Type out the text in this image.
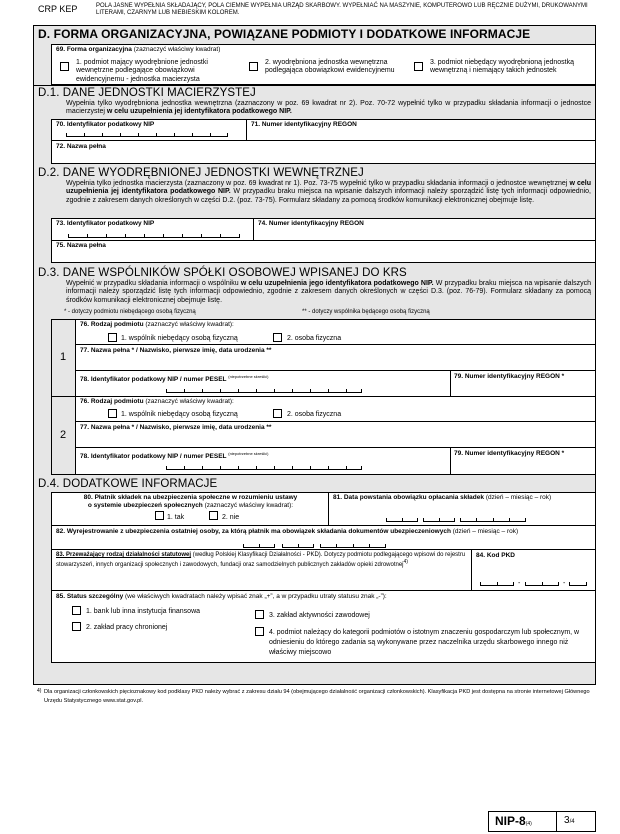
CRP KEP	POLA JASNE WYPEŁNIA SKŁADAJĄCY, POLA CIEMNE WYPEŁNIA URZĄD SKARBOWY. WYPEŁNIAĆ NA MASZYNIE, KOMPUTEROWO LUB RĘCZNIE DUŻYMI, DRUKOWANYMI LITERAMI, CZARNYM LUB NIEBIESKIM KOLOREM.
D. FORMA ORGANIZACYJNA, POWIĄZANE PODMIOTY I DODATKOWE INFORMACJE
69. Forma organizacyjna (zaznaczyć właściwy kwadrat)
1. podmiot mający wyodrębnione jednostki wewnętrzne podlegające obowiązkowi ewidencyjnemu - jednostka macierzysta
2. wyodrębniona jednostka wewnętrzna podlegająca obowiązkowi ewidencyjnemu
3. podmiot niebędący wyodrębnioną jednostką wewnętrzną i niemający takich jednostek
D.1. DANE JEDNOSTKI MACIERZYSTEJ
Wypełnia tylko wyodrębniona jednostka wewnętrzna (zaznaczony w poz. 69 kwadrat nr 2). Poz. 70-72 wypełnić tylko w przypadku składania informacji o jednostce macierzystej w celu uzupełnienia jej identyfikatora podatkowego NIP.
70. Identyfikator podatkowy NIP	71. Numer identyfikacyjny REGON
72. Nazwa pełna
D.2. DANE WYODRĘBNIONEJ JEDNOSTKI WEWNĘTRZNEJ
Wypełnia tylko jednostka macierzysta (zaznaczony w poz. 69 kwadrat nr 1). Poz. 73-75 wypełnić tylko w przypadku składania informacji o jednostce wewnętrznej w celu uzupełnienia jej identyfikatora podatkowego NIP. W przypadku braku miejsca na wpisanie dalszych informacji należy sporządzić listę tych informacji odpowiednio, zgodnie z zakresem danych określonych w części D.2. (poz. 73-75). Formularz składany za pomocą środków komunikacji elektronicznej obejmuje listę.
73. Identyfikator podatkowy NIP	74. Numer identyfikacyjny REGON
75. Nazwa pełna
D.3. DANE WSPÓLNIKÓW SPÓŁKI OSOBOWEJ WPISANEJ DO KRS
Wypełnić w przypadku składania informacji o wspólniku w celu uzupełnienia jego identyfikatora podatkowego NIP. W przypadku braku miejsca na wpisanie dalszych informacji należy sporządzić listę tych informacji odpowiednio, zgodnie z zakresem danych określonych w części D.3. (poz. 76-79). Formularz składany za pomocą środków komunikacji elektronicznej obejmuje listę.
* - dotyczy podmiotu niebędącego osobą fizyczną	** - dotyczy wspólnika będącego osobą fizyczną
1
76. Rodzaj podmiotu (zaznaczyć właściwy kwadrat):
1. wspólnik niebędący osobą fizyczną	2. osoba fizyczna
77. Nazwa pełna * / Nazwisko, pierwsze imię, data urodzenia **
78. Identyfikator podatkowy NIP / numer PESEL $^{(niepotrzebne skreślić)}$	79. Numer identyfikacyjny REGON *
2
76. Rodzaj podmiotu (zaznaczyć właściwy kwadrat):
1. wspólnik niebędący osobą fizyczną	2. osoba fizyczna
77. Nazwa pełna * / Nazwisko, pierwsze imię, data urodzenia **
78. Identyfikator podatkowy NIP / numer PESEL $^{(niepotrzebne skreślić)}$	79. Numer identyfikacyjny REGON *
D.4. DODATKOWE INFORMACJE
80. Płatnik składek na ubezpieczenia społeczne w rozumieniu ustawy
o systemie ubezpieczeń społecznych (zaznaczyć właściwy kwadrat):
1. tak	2. nie
81. Data powstania obowiązku opłacania składek (dzień – miesiąc – rok)
82. Wyrejestrowanie z ubezpieczenia ostatniej osoby, za którą płatnik ma obowiązek składania dokumentów ubezpieczeniowych (dzień – miesiąc – rok)
83. Przeważający rodzaj działalności statutowej (według Polskiej Klasyfikacji Działalności - PKD). Dotyczy podmiotu podlegającego wpisowi do rejestru stowarzyszeń, innych organizacji społecznych i zawodowych, fundacji oraz samodzielnych publicznych zakładów opieki zdrowotnej$^{4)}$
84. Kod PKD
-	-
85. Status szczególny (we właściwych kwadratach należy wpisać znak „+”, a w przypadku utraty statusu znak „-”):
1. bank lub inna instytucja finansowa
2. zakład pracy chronionej
3. zakład aktywności zawodowej
4. podmiot należący do kategorii podmiotów o istotnym znaczeniu gospodarczym lub społecznym, w odniesieniu do którego zadania są wykonywane przez naczelnika urzędu skarbowego innego niż właściwy miejscowo
4) Dla organizacji członkowskich pięcioznakowy kod podklasy PKD należy wybrać z zakresu działu 94 (obejmującego działalność organizacji członkowskich). Klasyfikacja PKD jest dostępna na stronie internetowej Głównego Urzędu Statystycznego www.stat.gov.pl.
NIP-8(4)	3/4
